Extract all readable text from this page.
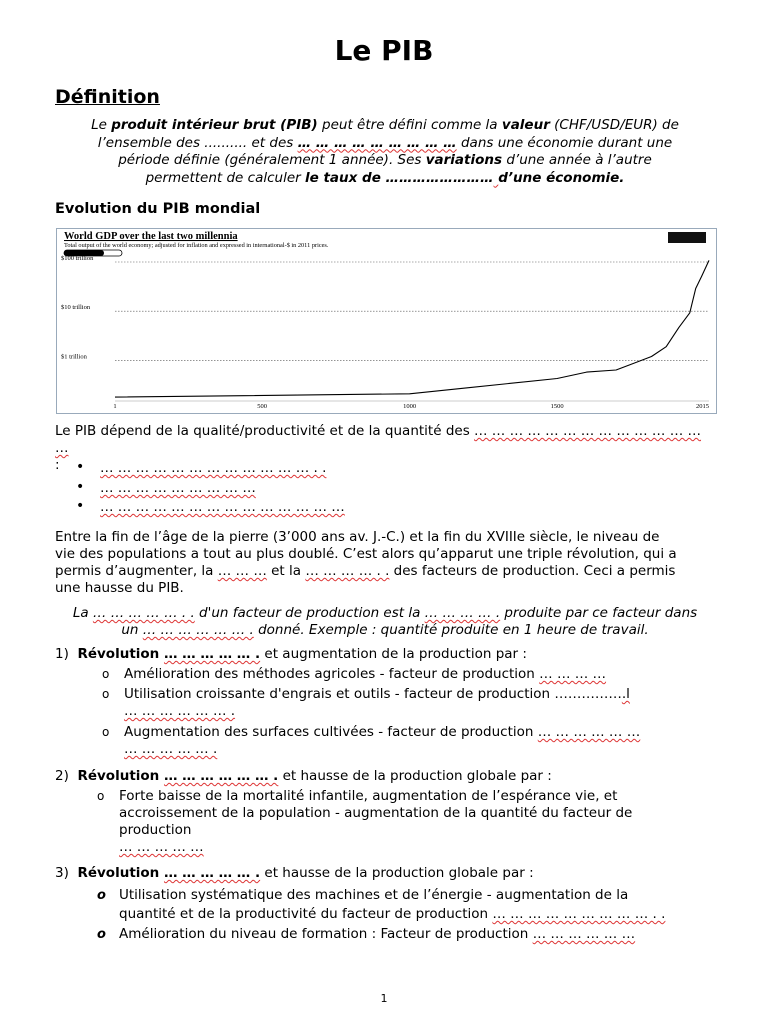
Le PIB
Définition
Le produit intérieur brut (PIB) peut être défini comme la valeur (CHF/USD/EUR) de
l’ensemble des .......... et des … … … … … … … … … dans une économie durant une
période définie (généralement 1 année). Ses variations d’une année à l’autre
permettent de calculer le taux de …………………… d’une économie.
Evolution du PIB mondial
World GDP over the last two millennia
Total output of the world economy; adjusted for inflation and expressed in international-$ in 2011 prices.
$1 trillion
$10 trillion
$100 trillion
1	500	1000	1500	2015
Le PIB dépend de la qualité/productivité et de la quantité des … … … … … … … … … … … … … …
:	• … … … … … … … … … … … … . .
• … … … … … … … … …
• … … … … … … … … … … … … … …
Entre la fin de l’âge de la pierre (3’000 ans av. J.-C.) et la fin du XVIIIe siècle, le niveau de
vie des populations a tout au plus doublé. C’est alors qu’apparut une triple révolution, qui a
permis d’augmenter, la … … … et la … … … … . . des facteurs de production. Ceci a permis
une hausse du PIB.
La … … … … … . . d'un facteur de production est la … … … … . produite par ce facteur dans
un … … … … … … . donné. Exemple : quantité produite en 1 heure de travail.
1) Révolution … … … … … . et augmentation de la production par :
o Amélioration des méthodes agricoles - facteur de production … … … …
o Utilisation croissante d'engrais et outils - facteur de production …………….l
… … … … … … .
o Augmentation des surfaces cultivées - facteur de production … … … … … …
… … … … … .
2) Révolution … … … … … … . et hausse de la production globale par :
o Forte baisse de la mortalité infantile, augmentation de l’espérance vie, et
accroissement de la population - augmentation de la quantité du facteur de
production
… … … … …
3) Révolution … … … … … . et hausse de la production globale par :
o Utilisation systématique des machines et de l’énergie - augmentation de la
quantité et de la productivité du facteur de production … … … … … … … … … . .
o Amélioration du niveau de formation : Facteur de production … … … … … …
1
